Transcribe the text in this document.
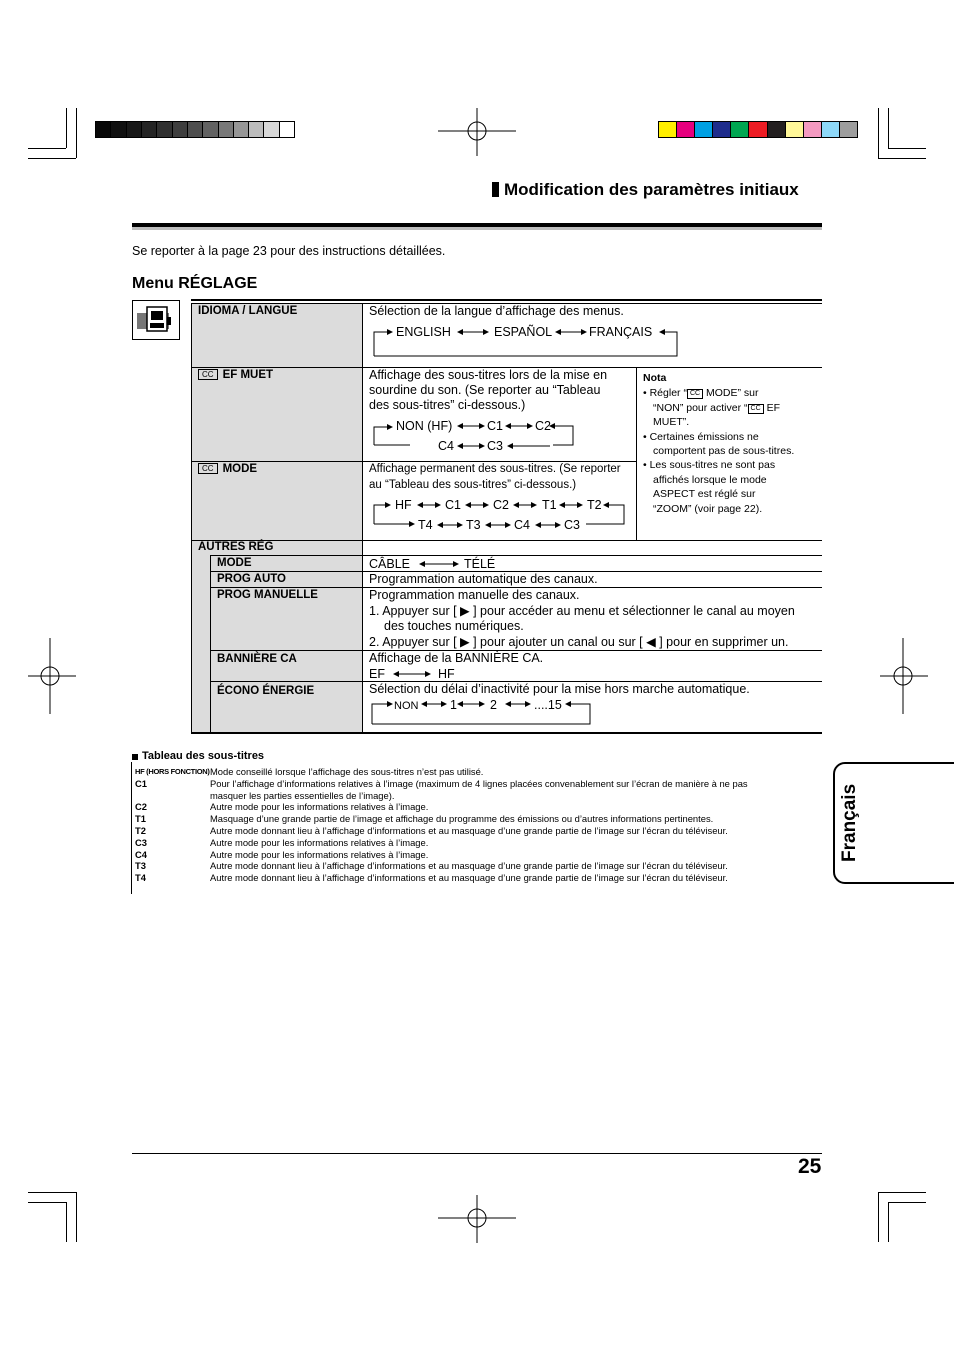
Modification des paramètres initiaux
Se reporter à la page 23 pour des instructions détaillées.
Menu RÉGLAGE
IDIOMA / LANGUE	Sélection de la langue d’affichage des menus.
ENGLISH	ESPAÑOL	FRANÇAIS
CC EF MUET	Affichage des sous-titres lors de la mise en
sourdine du son. (Se reporter au “Tableau
des sous-titres” ci-dessous.)
NON (HF)	C1	C2
C4	C3
CC MODE	Affichage permanent des sous-titres. (Se reporter
au “Tableau des sous-titres” ci-dessous.)
HF	C1	C2	T1 T2
T4	T3	C4	C3
Nota
• Régler “ CC MODE” sur
“NON” pour activer “ CC EF
MUET”.
• Certaines émissions ne
comportent pas de sous-titres.
• Les sous-titres ne sont pas
affichés lorsque le mode
ASPECT est réglé sur
“ZOOM” (voir page 22).
AUTRES RÉG
MODE	CÂBLE	TÉLÉ
PROG AUTO	Programmation automatique des canaux.
PROG MANUELLE	Programmation manuelle des canaux.
1. Appuyer sur [ ▶ ] pour accéder au menu et sélectionner le canal au moyen
des touches numériques.
2. Appuyer sur [ ▶ ] pour ajouter un canal ou sur [ ◀ ] pour en supprimer un.
BANNIÈRE CA	Affichage de la BANNIÈRE CA.
EF	HF
ÉCONO ÉNERGIE	Sélection du délai d’inactivité pour la mise hors marche automatique.
NON	1	2	....15
Tableau des sous-titres
HF (HORS FONCTION) Mode conseillé lorsque l’affichage des sous-titres n’est pas utilisé.
C1	Pour l’affichage d’informations relatives à l’image (maximum de 4 lignes placées convenablement sur l’écran de manière à ne pas
masquer les parties essentielles de l’image).
C2	Autre mode pour les informations relatives à l’image.
T1	Masquage d’une grande partie de l’image et affichage du programme des émissions ou d’autres informations pertinentes.
T2	Autre mode donnant lieu à l’affichage d’informations et au masquage d’une grande partie de l’image sur l’écran du téléviseur.
C3	Autre mode pour les informations relatives à l’image.
C4	Autre mode pour les informations relatives à l’image.
T3	Autre mode donnant lieu à l’affichage d’informations et au masquage d’une grande partie de l’image sur l’écran du téléviseur.
T4	Autre mode donnant lieu à l’affichage d’informations et au masquage d’une grande partie de l’image sur l’écran du téléviseur.
Français
25
